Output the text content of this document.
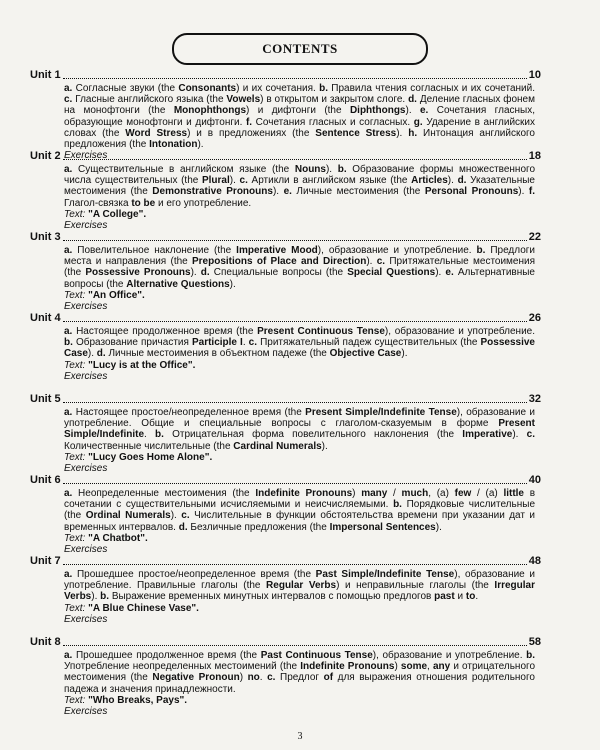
CONTENTS
Unit 1	10

a. Согласные звуки (the Consonants) и их сочетания. b. Правила чтения согласных и их сочетаний. c. Гласные английского языка (the Vowels) в открытом и закрытом слоге. d. Деление гласных фонем на монофтонги (the Monophthongs) и дифтонги (the Diphthongs). e. Сочетания гласных, образующие монофтонги и дифтонги. f. Сочетания гласных и согласных. g. Ударение в английских словах (the Word Stress) и в предложениях (the Sentence Stress). h. Интонация английского предложения (the Intonation).

Exercises

Unit 2	18

a. Существительные в английском языке (the Nouns). b. Образование формы множественного числа существительных (the Plural). c. Артикли в английском языке (the Articles). d. Указательные местоимения (the Demonstrative Pronouns). e. Личные местоимения (the Personal Pronouns). f. Глагол-связка to be и его употребление.

Text: "A College".

Exercises

Unit 3	22

a. Повелительное наклонение (the Imperative Mood), образование и употребление. b. Предлоги места и направления (the Prepositions of Place and Direction). c. Притяжательные местоимения (the Possessive Pronouns). d. Специальные вопросы (the Special Questions). e. Альтернативные вопросы (the Alternative Questions).

Text: "An Office".

Exercises

Unit 4	26

a. Настоящее продолженное время (the Present Continuous Tense), образование и употребление. b. Образование причастия Participle I. c. Притяжательный падеж существительных (the Possessive Case). d. Личные местоимения в объектном падеже (the Objective Case).

Text: "Lucy is at the Office".

Exercises

Unit 5	32

a. Настоящее простое/неопределенное время (the Present Simple/Indefinite Tense), образование и употребление. Общие и специальные вопросы с глаголом-сказуемым в форме Present Simple/Indefinite. b. Отрицательная форма повелительного наклонения (the Imperative). c. Количественные числительные (the Cardinal Numerals).

Text: "Lucy Goes Home Alone".

Exercises

Unit 6	40

a. Неопределенные местоимения (the Indefinite Pronouns) many / much, (a) few / (a) little в сочетании с существительными исчисляемыми и неисчисляемыми. b. Порядковые числительные (the Ordinal Numerals). c. Числительные в функции обстоятельства времени при указании дат и временных интервалов. d. Безличные предложения (the Impersonal Sentences).

Text: "A Chatbot".

Exercises

Unit 7	48

a. Прошедшее простое/неопределенное время (the Past Simple/Indefinite Tense), образование и употребление. Правильные глаголы (the Regular Verbs) и неправильные глаголы (the Irregular Verbs). b. Выражение временных минутных интервалов с помощью предлогов past и to.

Text: "A Blue Chinese Vase".

Exercises

Unit 8	58

a. Прошедшее продолженное время (the Past Continuous Tense), образование и употребление. b. Употребление неопределенных местоимений (the Indefinite Pronouns) some, any и отрицательного местоимения (the Negative Pronoun) no. c. Предлог of для выражения отношения родительного падежа и значения принадлежности.

Text: "Who Breaks, Pays".

Exercises

3
